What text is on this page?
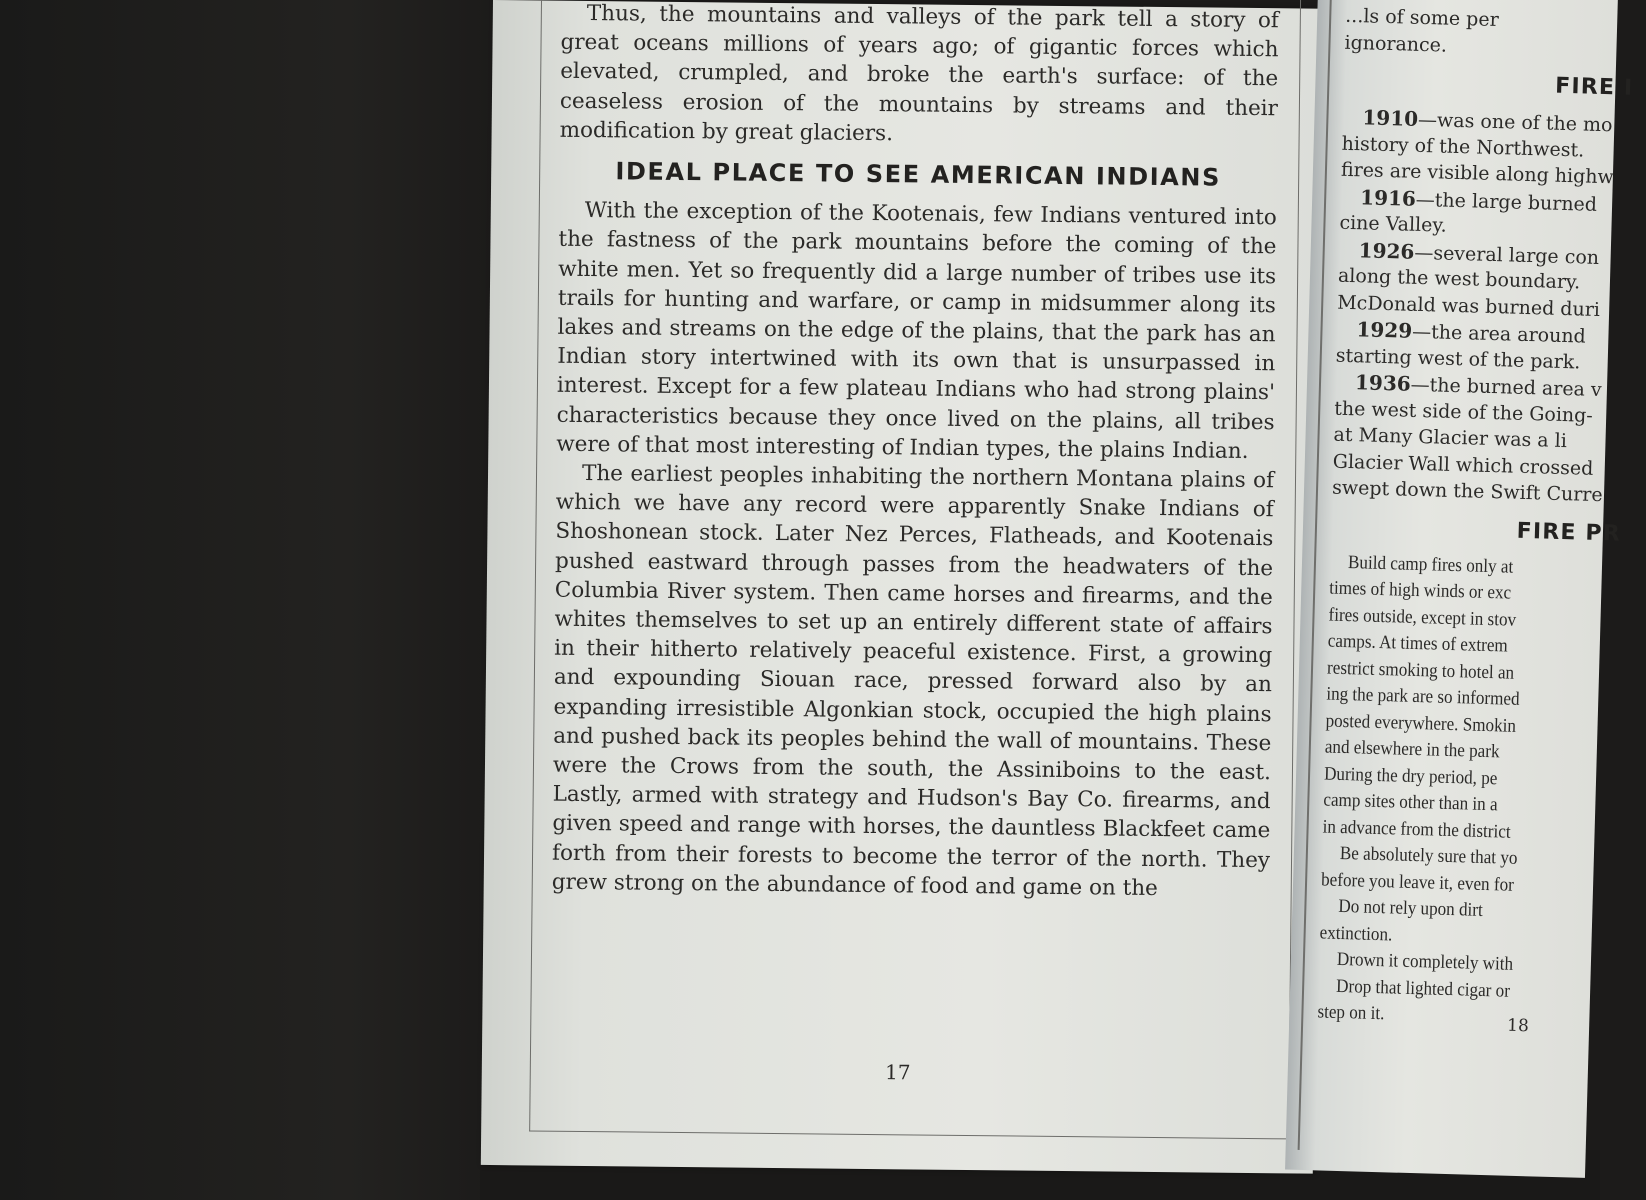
Thus, the mountains and valleys of the park tell a story of great oceans millions of years ago; of gigantic forces which elevated, crumpled, and broke the earth's surface: of the ceaseless erosion of the mountains by streams and their modification by great glaciers.

IDEAL PLACE TO SEE AMERICAN INDIANS

With the exception of the Kootenais, few Indians ventured into the fastness of the park mountains before the coming of the white men. Yet so frequently did a large number of tribes use its trails for hunting and warfare, or camp in midsummer along its lakes and streams on the edge of the plains, that the park has an Indian story intertwined with its own that is unsurpassed in interest. Except for a few plateau Indians who had strong plains' characteristics because they once lived on the plains, all tribes were of that most interesting of Indian types, the plains Indian.

The earliest peoples inhabiting the northern Montana plains of which we have any record were apparently Snake Indians of Shoshonean stock. Later Nez Perces, Flatheads, and Kootenais pushed eastward through passes from the headwaters of the Columbia River system. Then came horses and firearms, and the whites themselves to set up an entirely different state of affairs in their hitherto relatively peaceful existence. First, a growing and expounding Siouan race, pressed forward also by an expanding irresistible Algonkian stock, occupied the high plains and pushed back its peoples behind the wall of mountains. These were the Crows from the south, the Assiniboins to the east. Lastly, armed with strategy and Hudson's Bay Co. firearms, and given speed and range with horses, the dauntless Blackfeet came forth from their forests to become the terror of the north. They grew strong on the abundance of food and game on the

17
...ls of some per
ignorance.
FIRE I
1910—was one of the mo
history of the Northwest.
fires are visible along highw
1916—the large burned
cine Valley.
1926—several large con
along the west boundary.
McDonald was burned duri
1929—the area around
starting west of the park.
1936—the burned area v
the west side of the Going-
at Many Glacier was a li
Glacier Wall which crossed
swept down the Swift Curre
FIRE PR
Build camp fires only at
times of high winds or exc
fires outside, except in stov
camps. At times of extrem
restrict smoking to hotel an
ing the park are so informed
posted everywhere. Smokin
and elsewhere in the park
During the dry period, pe
camp sites other than in a
in advance from the district
Be absolutely sure that yo
before you leave it, even for
Do not rely upon dirt
extinction.
Drown it completely with
Drop that lighted cigar or
step on it.
18
